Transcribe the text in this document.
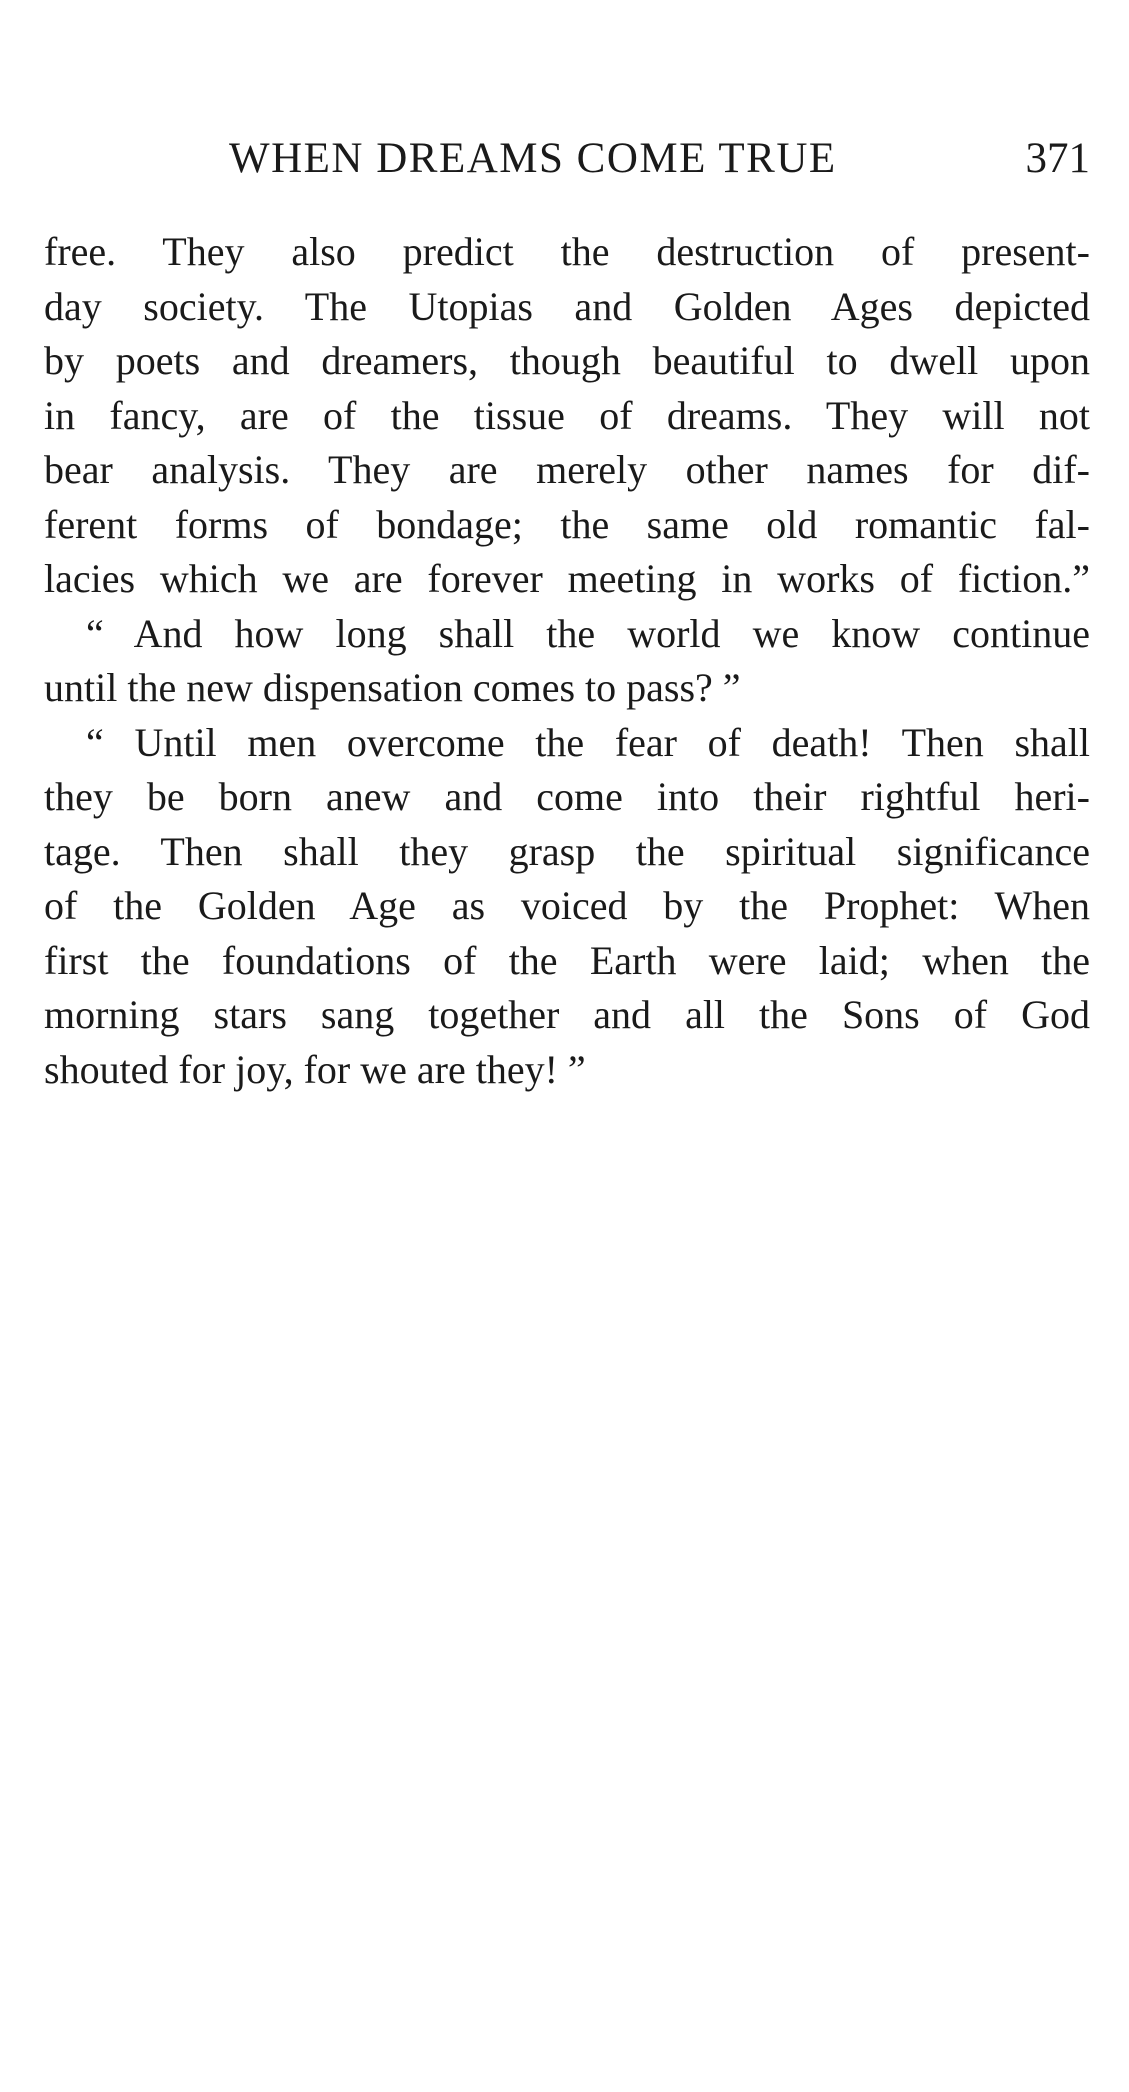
WHEN DREAMS COME TRUE	371
free. They also predict the destruction of present-
day society. The Utopias and Golden Ages depicted
by poets and dreamers, though beautiful to dwell upon
in fancy, are of the tissue of dreams. They will not
bear analysis. They are merely other names for dif-
ferent forms of bondage; the same old romantic fal-
lacies which we are forever meeting in works of fiction.”
“ And how long shall the world we know continue
until the new dispensation comes to pass? ”
“ Until men overcome the fear of death! Then shall
they be born anew and come into their rightful heri-
tage. Then shall they grasp the spiritual significance
of the Golden Age as voiced by the Prophet: When
first the foundations of the Earth were laid; when the
morning stars sang together and all the Sons of God
shouted for joy, for we are they! ”
